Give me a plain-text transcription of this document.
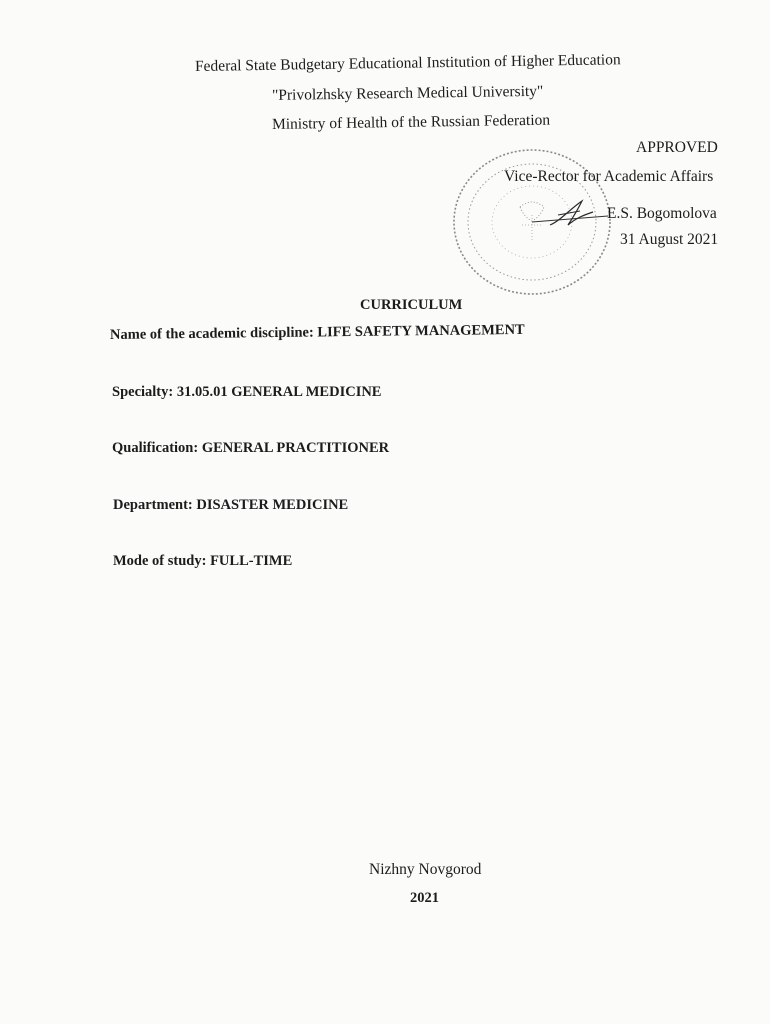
Federal State Budgetary Educational Institution of Higher Education
"Privolzhsky Research Medical University"
Ministry of Health of the Russian Federation
APPROVED
Vice-Rector for Academic Affairs
E.S. Bogomolova
31 August 2021
CURRICULUM
Name of the academic discipline: LIFE SAFETY MANAGEMENT
Specialty: 31.05.01 GENERAL MEDICINE
Qualification: GENERAL PRACTITIONER
Department: DISASTER MEDICINE
Mode of study: FULL-TIME
Nizhny Novgorod
2021
